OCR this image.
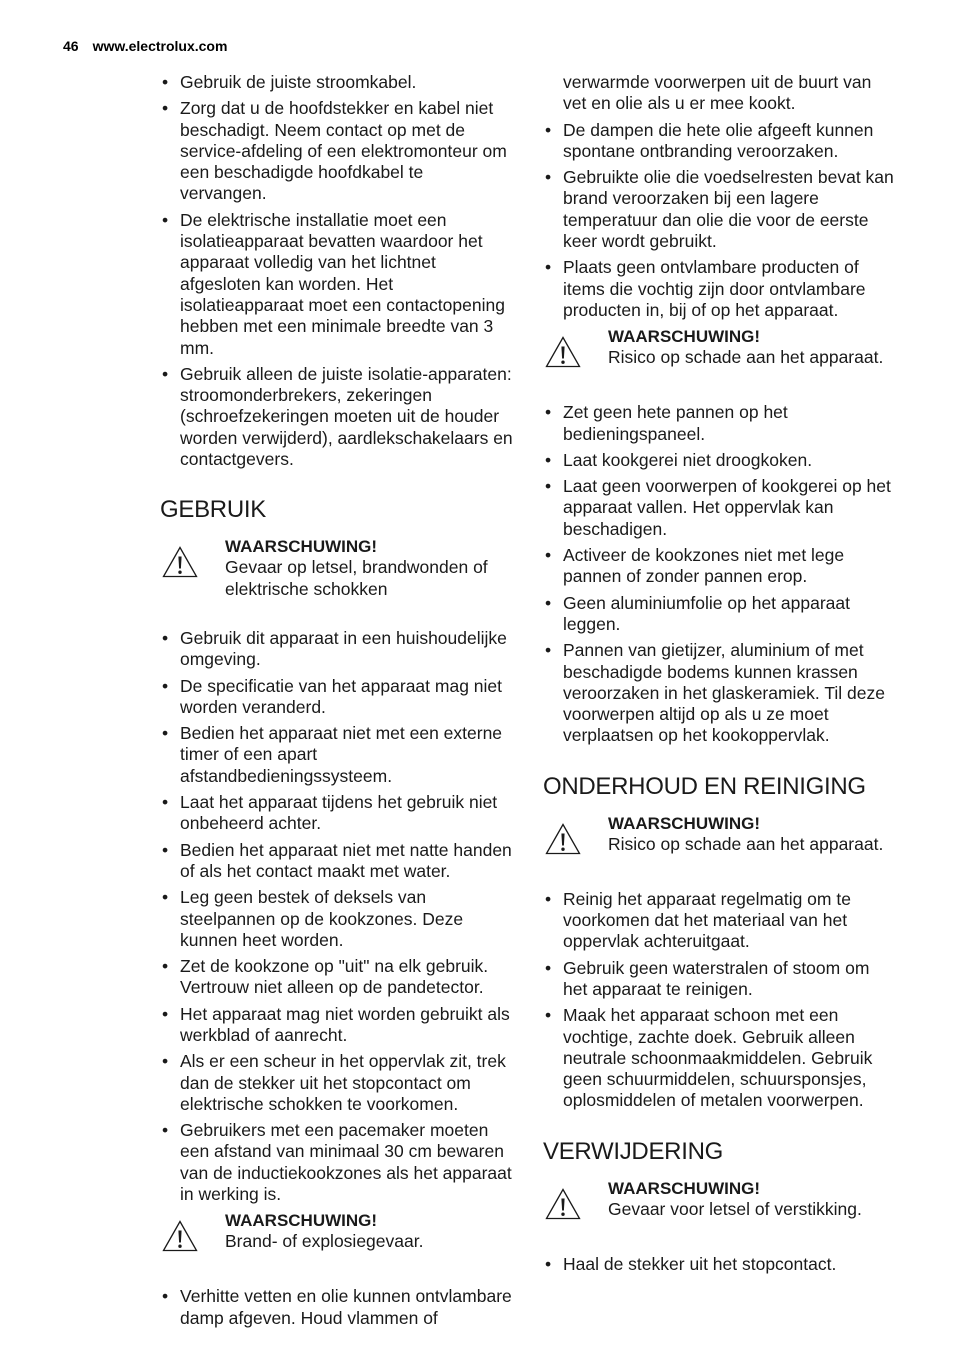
46 www.electrolux.com
• Gebruik de juiste stroomkabel.
• Zorg dat u de hoofdstekker en kabel niet beschadigt. Neem contact op met de service-afdeling of een elektromonteur om een beschadigde hoofdkabel te vervangen.
• De elektrische installatie moet een isolatieapparaat bevatten waardoor het apparaat volledig van het lichtnet afgesloten kan worden. Het isolatieapparaat moet een contactopening hebben met een minimale breedte van 3 mm.
• Gebruik alleen de juiste isolatie-apparaten: stroomonderbrekers, zekeringen (schroefzekeringen moeten uit de houder worden verwijderd), aardlekschakelaars en contactgevers.
GEBRUIK
WAARSCHUWING!
Gevaar op letsel, brandwonden of elektrische schokken
• Gebruik dit apparaat in een huishoudelijke omgeving.
• De specificatie van het apparaat mag niet worden veranderd.
• Bedien het apparaat niet met een externe timer of een apart afstandbedieningssysteem.
• Laat het apparaat tijdens het gebruik niet onbeheerd achter.
• Bedien het apparaat niet met natte handen of als het contact maakt met water.
• Leg geen bestek of deksels van steelpannen op de kookzones. Deze kunnen heet worden.
• Zet de kookzone op "uit" na elk gebruik. Vertrouw niet alleen op de pandetector.
• Het apparaat mag niet worden gebruikt als werkblad of aanrecht.
• Als er een scheur in het oppervlak zit, trek dan de stekker uit het stopcontact om elektrische schokken te voorkomen.
• Gebruikers met een pacemaker moeten een afstand van minimaal 30 cm bewaren van de inductiekookzones als het apparaat in werking is.
WAARSCHUWING!
Brand- of explosiegevaar.
• Verhitte vetten en olie kunnen ontvlambare damp afgeven. Houd vlammen of

verwarmde voorwerpen uit de buurt van vet en olie als u er mee kookt.

• De dampen die hete olie afgeeft kunnen spontane ontbranding veroorzaken.
• Gebruikte olie die voedselresten bevat kan brand veroorzaken bij een lagere temperatuur dan olie die voor de eerste keer wordt gebruikt.
• Plaats geen ontvlambare producten of items die vochtig zijn door ontvlambare producten in, bij of op het apparaat.
WAARSCHUWING!
Risico op schade aan het apparaat.
• Zet geen hete pannen op het bedieningspaneel.
• Laat kookgerei niet droogkoken.
• Laat geen voorwerpen of kookgerei op het apparaat vallen. Het oppervlak kan beschadigen.
• Activeer de kookzones niet met lege pannen of zonder pannen erop.
• Geen aluminiumfolie op het apparaat leggen.
• Pannen van gietijzer, aluminium of met beschadigde bodems kunnen krassen veroorzaken in het glaskeramiek. Til deze voorwerpen altijd op als u ze moet verplaatsen op het kookoppervlak.
ONDERHOUD EN REINIGING
WAARSCHUWING!
Risico op schade aan het apparaat.
• Reinig het apparaat regelmatig om te voorkomen dat het materiaal van het oppervlak achteruitgaat.
• Gebruik geen waterstralen of stoom om het apparaat te reinigen.
• Maak het apparaat schoon met een vochtige, zachte doek. Gebruik alleen neutrale schoonmaakmiddelen. Gebruik geen schuurmiddelen, schuursponsjes, oplosmiddelen of metalen voorwerpen.
VERWIJDERING
WAARSCHUWING!
Gevaar voor letsel of verstikking.
• Haal de stekker uit het stopcontact.
